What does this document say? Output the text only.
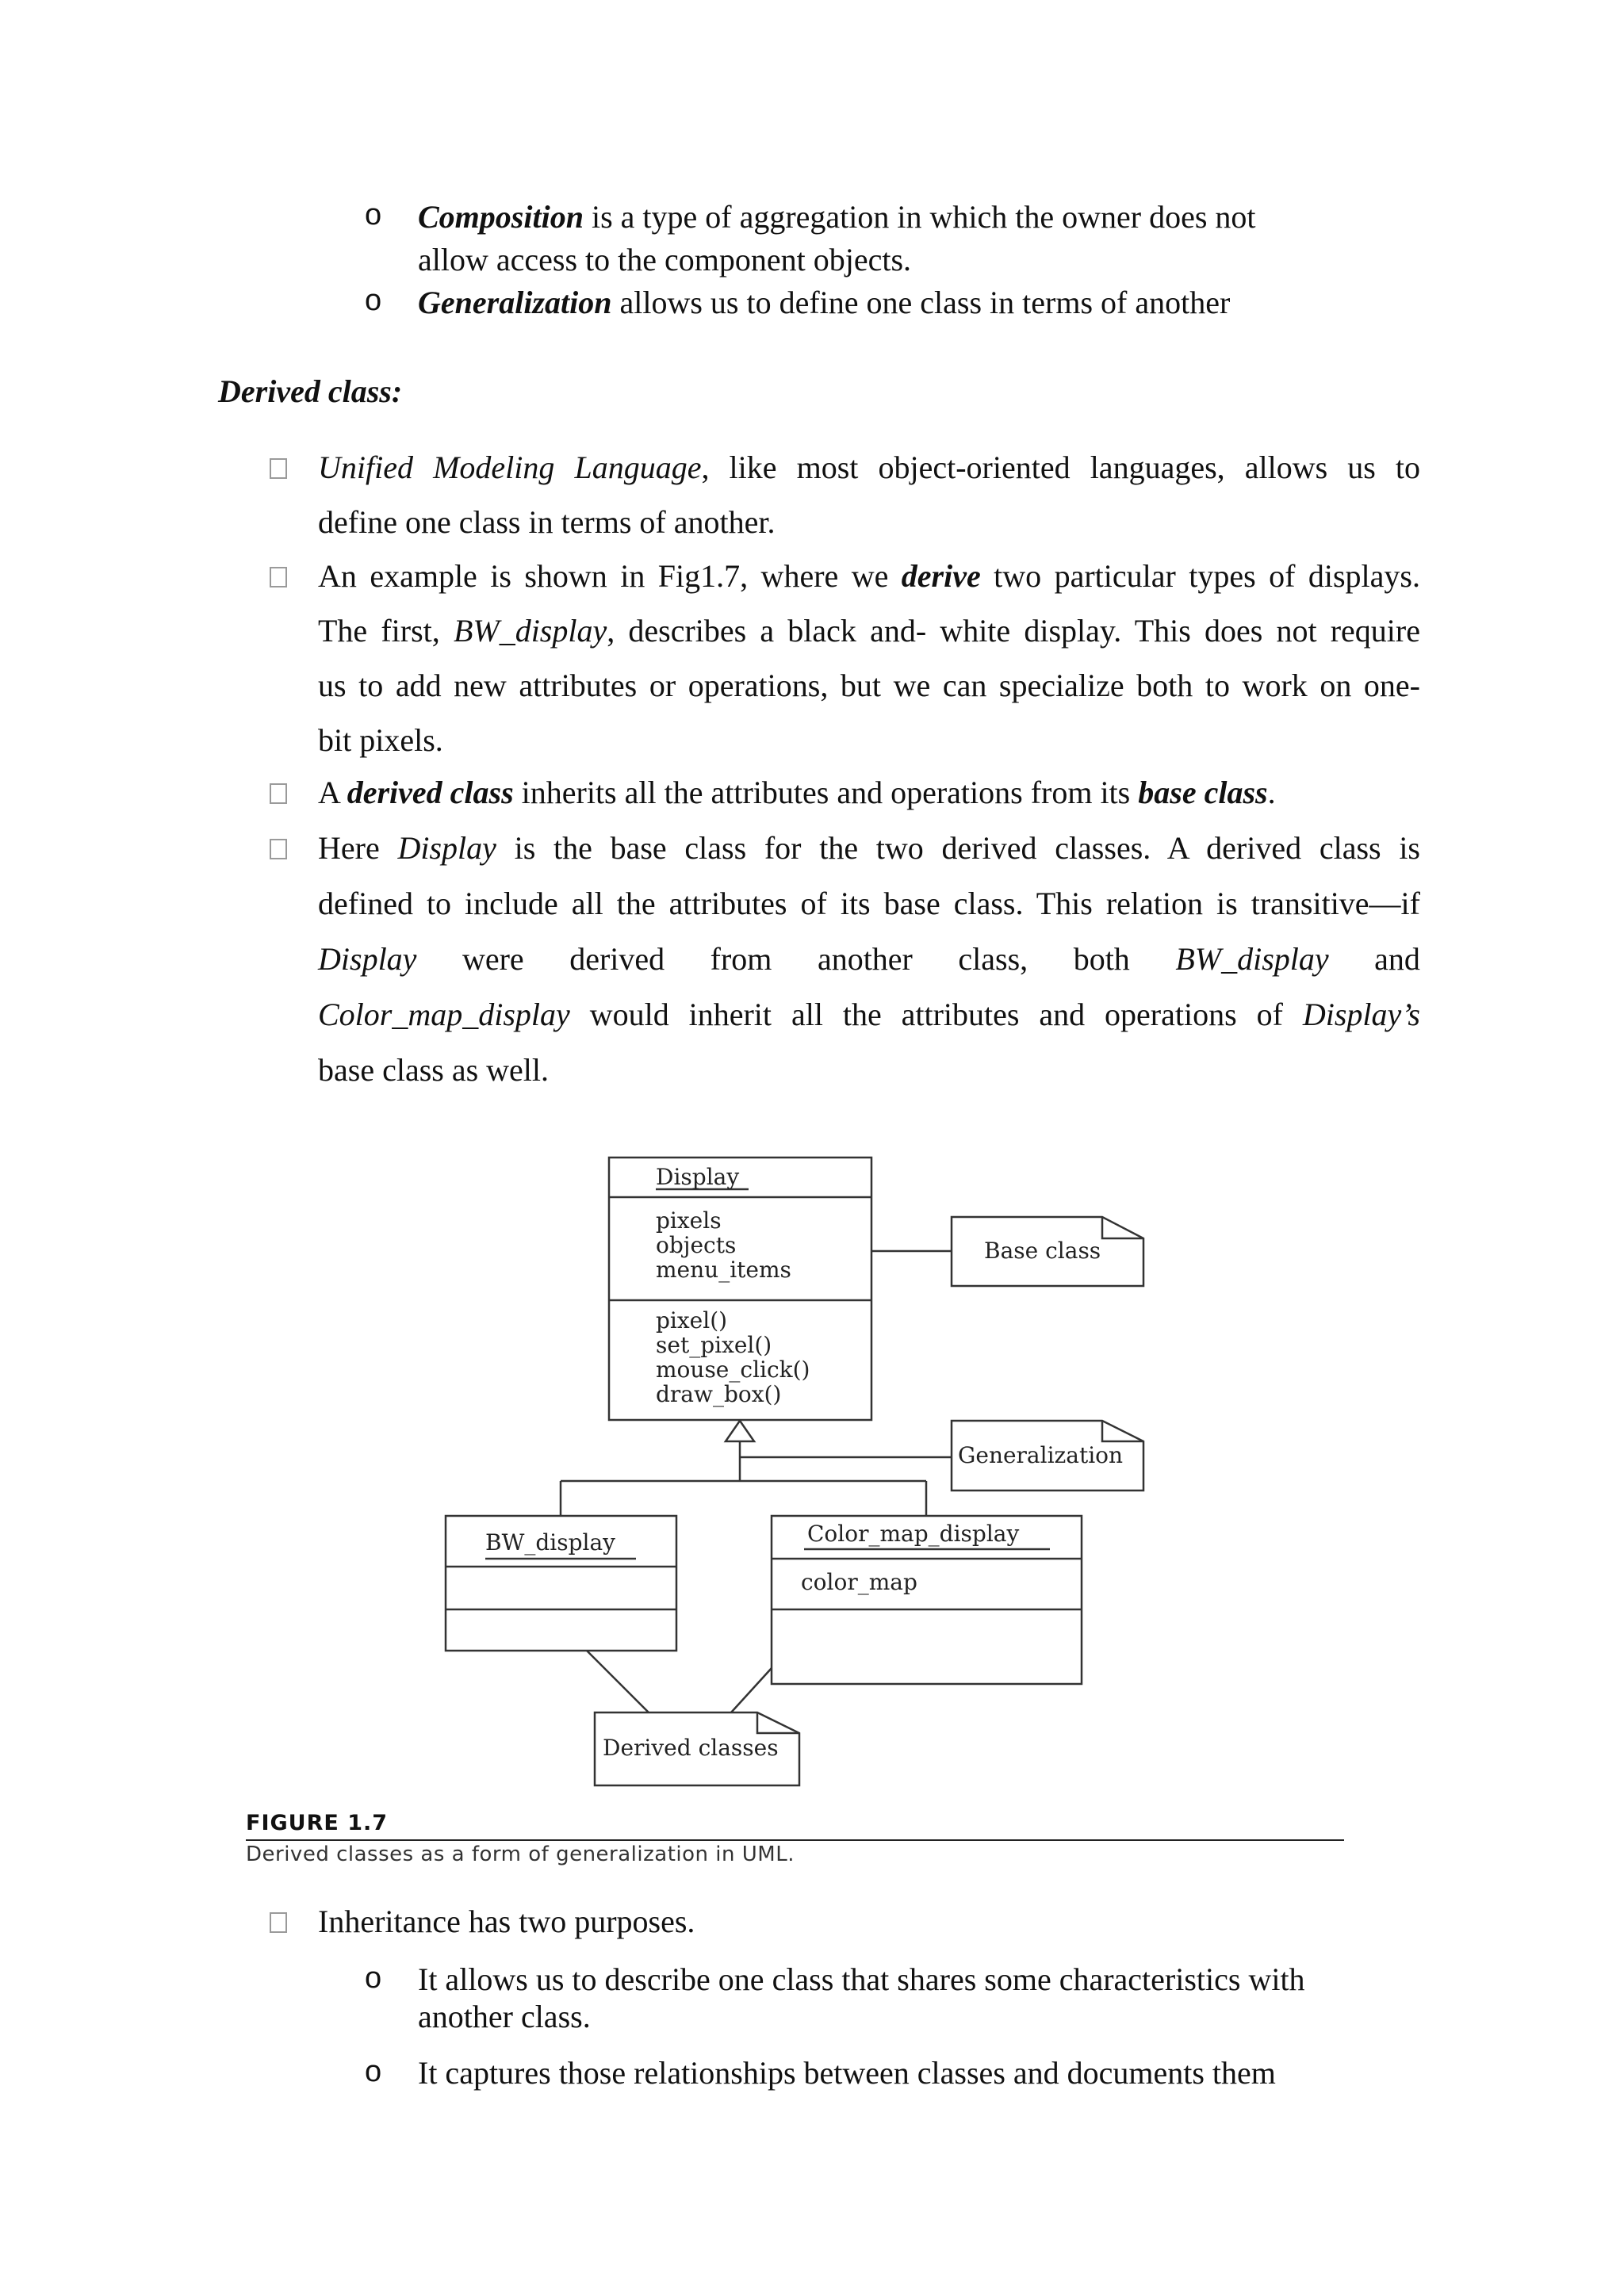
o Composition is a type of aggregation in which the owner does not
allow access to the component objects.
o Generalization allows us to define one class in terms of another
Derived class:
Unified Modeling Language, like most object-oriented languages, allows us to
define one class in terms of another.
An example is shown in Fig1.7, where we derive two particular types of displays.
The first, BW_display, describes a black and- white display. This does not require
us to add new attributes or operations, but we can specialize both to work on one-
bit pixels.
A derived class inherits all the attributes and operations from its base class.
Here Display is the base class for the two derived classes. A derived class is
defined to include all the attributes of its base class. This relation is transitive—if
Display were derived from another class, both BW_display and
Color_map_display would inherit all the attributes and operations of Display’s
base class as well.
Display
pixels
objects
menu_items
pixel()
set_pixel()
mouse_click()
draw_box()
Base class
Generalization
BW_display	Color_map_display
color_map
Derived classes
FIGURE 1.7
Derived classes as a form of generalization in UML.
Inheritance has two purposes.
o It allows us to describe one class that shares some characteristics with
another class.
o It captures those relationships between classes and documents them
